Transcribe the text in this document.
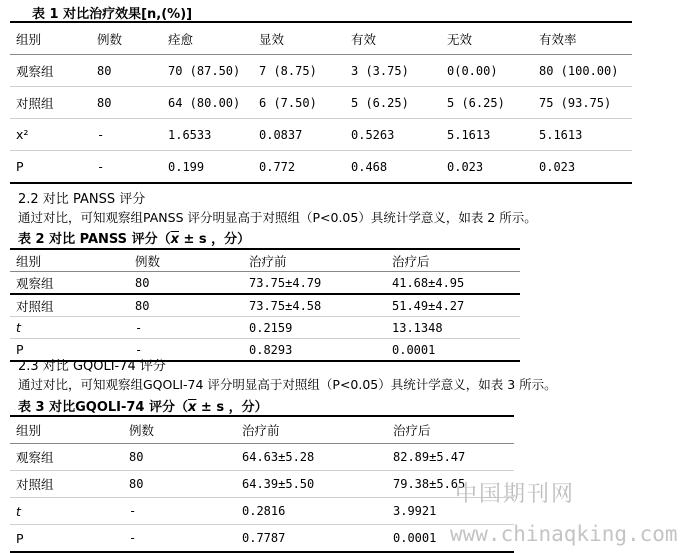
表 1 对比治疗效果[n,(%)]
组别	例数	痊愈	显效	有效	无效	有效率
观察组	80	70 (87.50)	7 (8.75)	3 (3.75)	0(0.00)	80 (100.00)
对照组	80	64 (80.00)	6 (7.50)	5 (6.25)	5 (6.25)	75 (93.75)
x²	-	1.6533	0.0837	0.5263	5.1613	5.1613
P	-	0.199	0.772	0.468	0.023	0.023
2.2 对比 PANSS 评分
通过对比，可知观察组PANSS 评分明显高于对照组（P<0.05）具统计学意义，如表 2 所示。
表 2 对比 PANSS 评分（$\overline{x} \pm s$ ，分）
组别	例数	治疗前	治疗后
观察组	80	73.75±4.79	41.68±4.95
对照组	80	73.75±4.58	51.49±4.27
t	-	0.2159	13.1348
P	-	0.8293	0.0001
2.3 对比 GQOLI-74 评分
通过对比，可知观察组GQOLI-74 评分明显高于对照组（P<0.05）具统计学意义，如表 3 所示。
表 3 对比GQOLI-74 评分（$\overline{x} \pm s$ ，分）
组别	例数	治疗前	治疗后
观察组	80	64.63±5.28	82.89±5.47
对照组	80	64.39±5.50	79.38±5.65
t	-	0.2816	3.9921
P	-	0.7787	0.0001
中国期刊网
www.chinaqking.com
